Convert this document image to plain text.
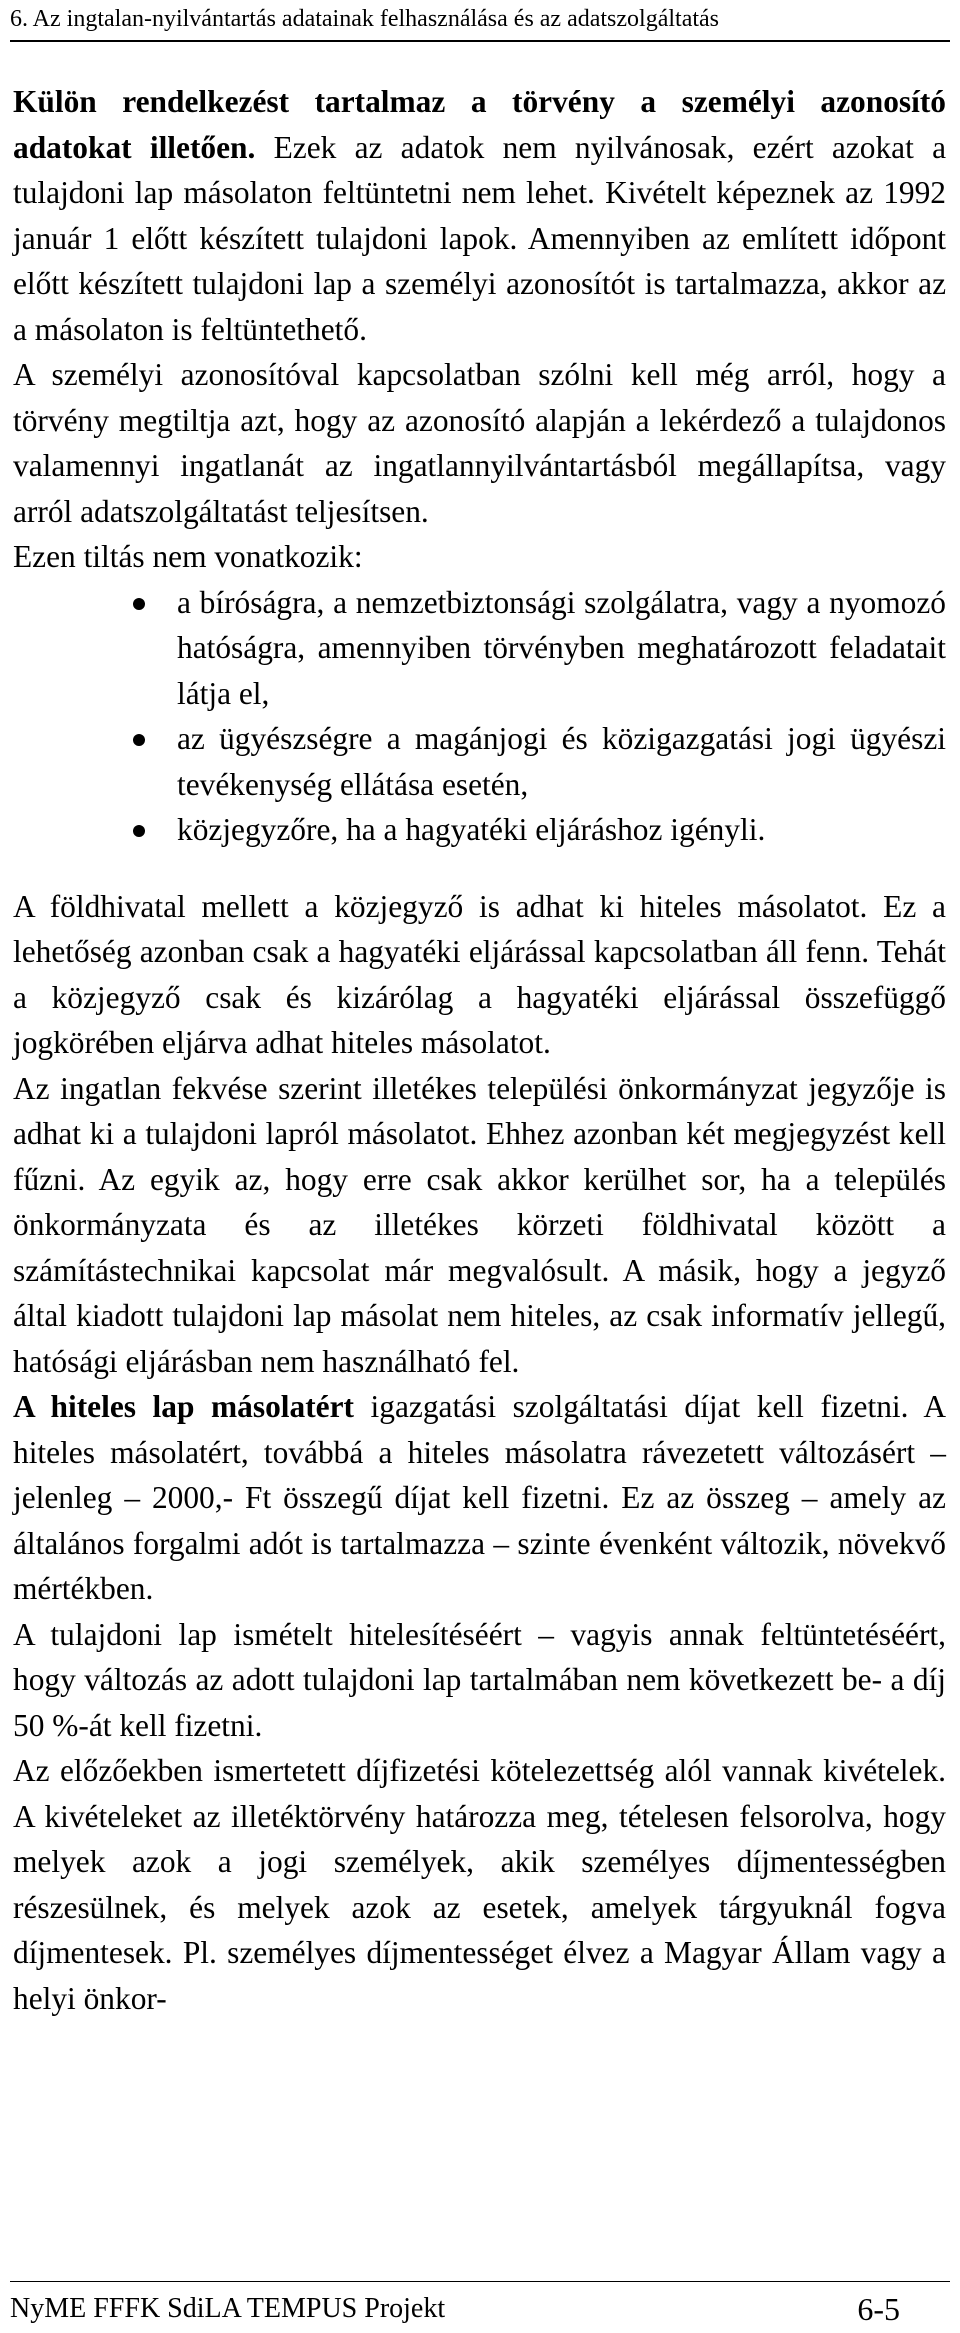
6. Az ingtalan-nyilvántartás adatainak felhasználása és az adatszolgáltatás

Külön rendelkezést tartalmaz a törvény a személyi azonosító adatokat illetően. Ezek az adatok nem nyilvánosak, ezért azokat a tulajdoni lap másolaton feltüntetni nem lehet. Kivételt képeznek az 1992 január 1 előtt készített tulajdoni lapok. Amennyiben az említett időpont előtt készített tulajdoni lap a személyi azonosítót is tartalmazza, akkor az a másolaton is feltüntethető.

A személyi azonosítóval kapcsolatban szólni kell még arról, hogy a törvény megtiltja azt, hogy az azonosító alapján a lekérdező a tulajdonos valamennyi ingatlanát az ingatlannyilvántartásból megállapítsa, vagy arról adatszolgáltatást teljesítsen.

Ezen tiltás nem vonatkozik:

a bíróságra, a nemzetbiztonsági szolgálatra, vagy a nyomozó hatóságra, amennyiben törvényben meghatározott feladatait látja el,
az ügyészségre a magánjogi és közigazgatási jogi ügyészi tevékenység ellátása esetén,
közjegyzőre, ha a hagyatéki eljáráshoz igényli.

A földhivatal mellett a közjegyző is adhat ki hiteles másolatot. Ez a lehetőség azonban csak a hagyatéki eljárással kapcsolatban áll fenn. Tehát a közjegyző csak és kizárólag a hagyatéki eljárással összefüggő jogkörében eljárva adhat hiteles másolatot.

Az ingatlan fekvése szerint illetékes települési önkormányzat jegyzője is adhat ki a tulajdoni lapról másolatot. Ehhez azonban két megjegyzést kell fűzni. Az egyik az, hogy erre csak akkor kerülhet sor, ha a település önkormányzata és az illetékes körzeti földhivatal között a számítástechnikai kapcsolat már megvalósult. A másik, hogy a jegyző által kiadott tulajdoni lap másolat nem hiteles, az csak informatív jellegű, hatósági eljárásban nem használható fel.

A hiteles lap másolatért igazgatási szolgáltatási díjat kell fizetni. A hiteles másolatért, továbbá a hiteles másolatra rávezetett változásért – jelenleg – 2000,- Ft összegű díjat kell fizetni. Ez az összeg – amely az általános forgalmi adót is tartalmazza – szinte évenként változik, növekvő mértékben.

A tulajdoni lap ismételt hitelesítéséért – vagyis annak feltüntetéséért, hogy változás az adott tulajdoni lap tartalmában nem következett be- a díj 50 %-át kell fizetni.

Az előzőekben ismertetett díjfizetési kötelezettség alól vannak kivételek. A kivételeket az illetéktörvény határozza meg, tételesen felsorolva, hogy melyek azok a jogi személyek, akik személyes díjmentességben részesülnek, és melyek azok az esetek, amelyek tárgyuknál fogva díjmentesek. Pl. személyes díjmentességet élvez a Magyar Állam vagy a helyi önkor-

NyME FFFK SdiLA TEMPUS Projekt	6-5
